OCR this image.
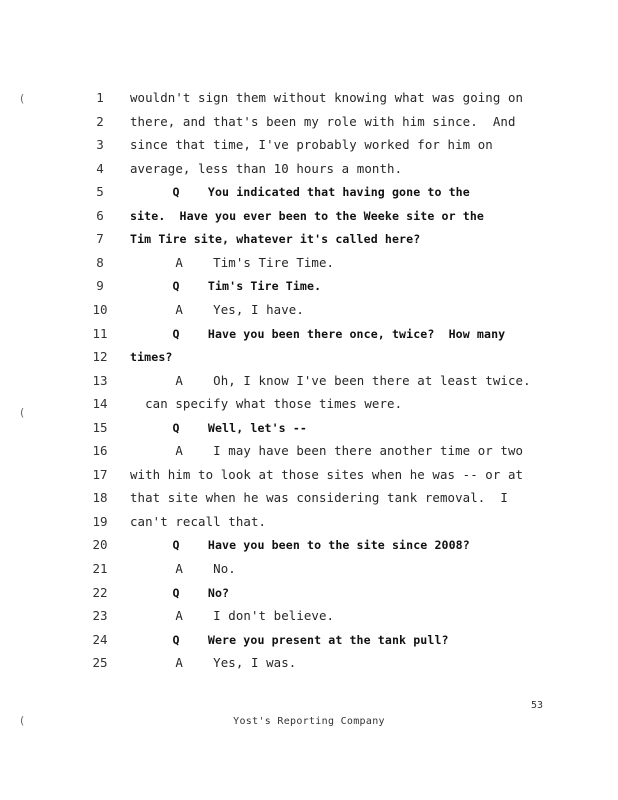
(
(
(
1	wouldn't sign them without knowing what was going on
2	there, and that's been my role with him since.  And
3	since that time, I've probably worked for him on
4	average, less than 10 hours a month.
5	Q    You indicated that having gone to the
6	site.  Have you ever been to the Weeke site or the
7	Tim Tire site, whatever it's called here?
8	A    Tim's Tire Time.
9	Q    Tim's Tire Time.
10	A    Yes, I have.
11	Q    Have you been there once, twice?  How many
12	times?
13	A    Oh, I know I've been there at least twice.
14	can specify what those times were.
15	Q    Well, let's --
16	A    I may have been there another time or two
17	with him to look at those sites when he was -- or at
18	that site when he was considering tank removal.  I
19	can't recall that.
20	Q    Have you been to the site since 2008?
21	A    No.
22	Q    No?
23	A    I don't believe.
24	Q    Were you present at the tank pull?
25	A    Yes, I was.
53
Yost's Reporting Company
